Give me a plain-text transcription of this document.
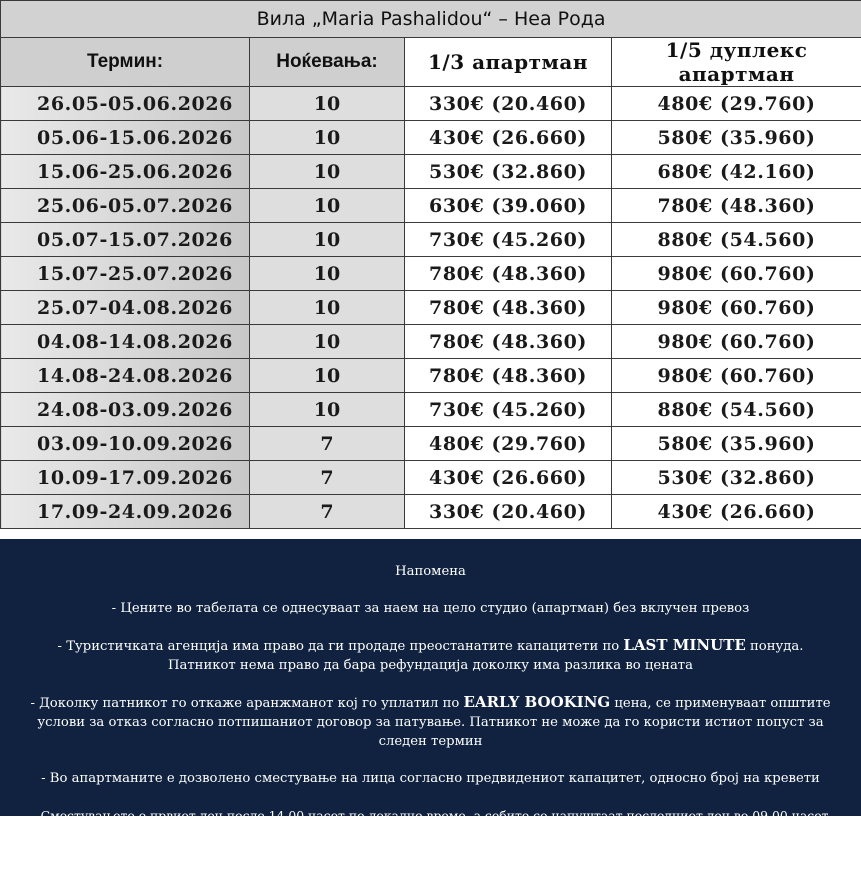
Вила „Maria Pashalidou“ – Неа Рода			
Термин:	Ноќевања:	1/3 апартман	1/5 дуплекс апартман
26.05-05.06.2026	10	330€ (20.460)	480€ (29.760)
05.06-15.06.2026	10	430€ (26.660)	580€ (35.960)
15.06-25.06.2026	10	530€ (32.860)	680€ (42.160)
25.06-05.07.2026	10	630€ (39.060)	780€ (48.360)
05.07-15.07.2026	10	730€ (45.260)	880€ (54.560)
15.07-25.07.2026	10	780€ (48.360)	980€ (60.760)
25.07-04.08.2026	10	780€ (48.360)	980€ (60.760)
04.08-14.08.2026	10	780€ (48.360)	980€ (60.760)
14.08-24.08.2026	10	780€ (48.360)	980€ (60.760)
24.08-03.09.2026	10	730€ (45.260)	880€ (54.560)
03.09-10.09.2026	7	480€ (29.760)	580€ (35.960)
10.09-17.09.2026	7	430€ (26.660)	530€ (32.860)
17.09-24.09.2026	7	330€ (20.460)	430€ (26.660)

Напомена

- Цените во табелата се однесуваат за наем на цело студио (апартман) без вклучен превоз

- Туристичката агенција има право да ги продаде преостанатите капацитети по LAST MINUTE понуда. Патникот нема право да бара рефундација доколку има разлика во цената

- Доколку патникот го откаже аранжманот кој го уплатил по EARLY BOOKING цена, се применуваат општите услови за отказ согласно потпишаниот договор за патување. Патникот не може да го користи истиот попуст за следен термин

- Во апартманите е дозволено сместување на лица согласно предвидениот капацитет, односно број на кревети

- Сместувањето е првиот ден после 14.00 часот по локално време, а собите се напуштаат последниот ден во 09.00 часот по локално време

- Плаќањето на аранжманите е исклучиво во денарска противвредност по курс 62 денари
